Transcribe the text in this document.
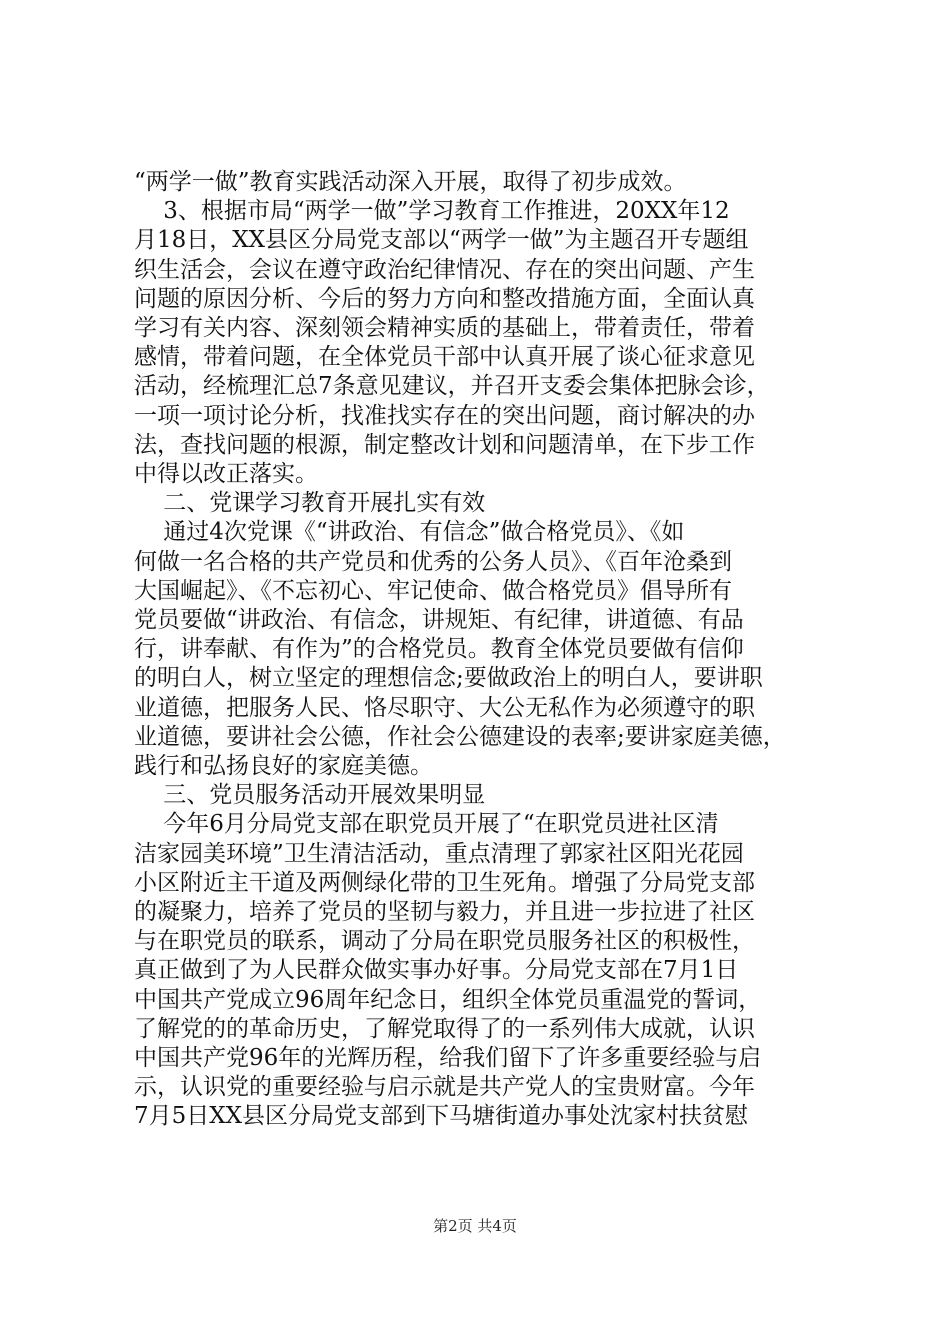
“两学一做”教育实践活动深入开展，取得了初步成效。
3、根据市局“两学一做”学习教育工作推进，20XX年12
月18日，XX县区分局党支部以“两学一做”为主题召开专题组
织生活会，会议在遵守政治纪律情况、存在的突出问题、产生
问题的原因分析、今后的努力方向和整改措施方面，全面认真
学习有关内容、深刻领会精神实质的基础上，带着责任，带着
感情，带着问题，在全体党员干部中认真开展了谈心征求意见
活动，经梳理汇总7条意见建议，并召开支委会集体把脉会诊，
一项一项讨论分析，找准找实存在的突出问题，商讨解决的办
法，查找问题的根源，制定整改计划和问题清单，在下步工作
中得以改正落实。
二、党课学习教育开展扎实有效
通过4次党课《“讲政治、有信念”做合格党员》、《如
何做一名合格的共产党员和优秀的公务人员》、《百年沧桑到
大国崛起》、《不忘初心、牢记使命、做合格党员》倡导所有
党员要做“讲政治、有信念，讲规矩、有纪律，讲道德、有品
行，讲奉献、有作为”的合格党员。教育全体党员要做有信仰
的明白人，树立坚定的理想信念;要做政治上的明白人，要讲职
业道德，把服务人民、恪尽职守、大公无私作为必须遵守的职
业道德，要讲社会公德，作社会公德建设的表率;要讲家庭美德，
践行和弘扬良好的家庭美德。
三、党员服务活动开展效果明显
今年6月分局党支部在职党员开展了“在职党员进社区清
洁家园美环境”卫生清洁活动，重点清理了郭家社区阳光花园
小区附近主干道及两侧绿化带的卫生死角。增强了分局党支部
的凝聚力，培养了党员的坚韧与毅力，并且进一步拉进了社区
与在职党员的联系，调动了分局在职党员服务社区的积极性，
真正做到了为人民群众做实事办好事。分局党支部在7月1日
中国共产党成立96周年纪念日，组织全体党员重温党的誓词，
了解党的的革命历史，了解党取得了的一系列伟大成就，认识
中国共产党96年的光辉历程，给我们留下了许多重要经验与启
示，认识党的重要经验与启示就是共产党人的宝贵财富。今年
7月5日XX县区分局党支部到下马塘街道办事处沈家村扶贫慰
第2页 共4页
